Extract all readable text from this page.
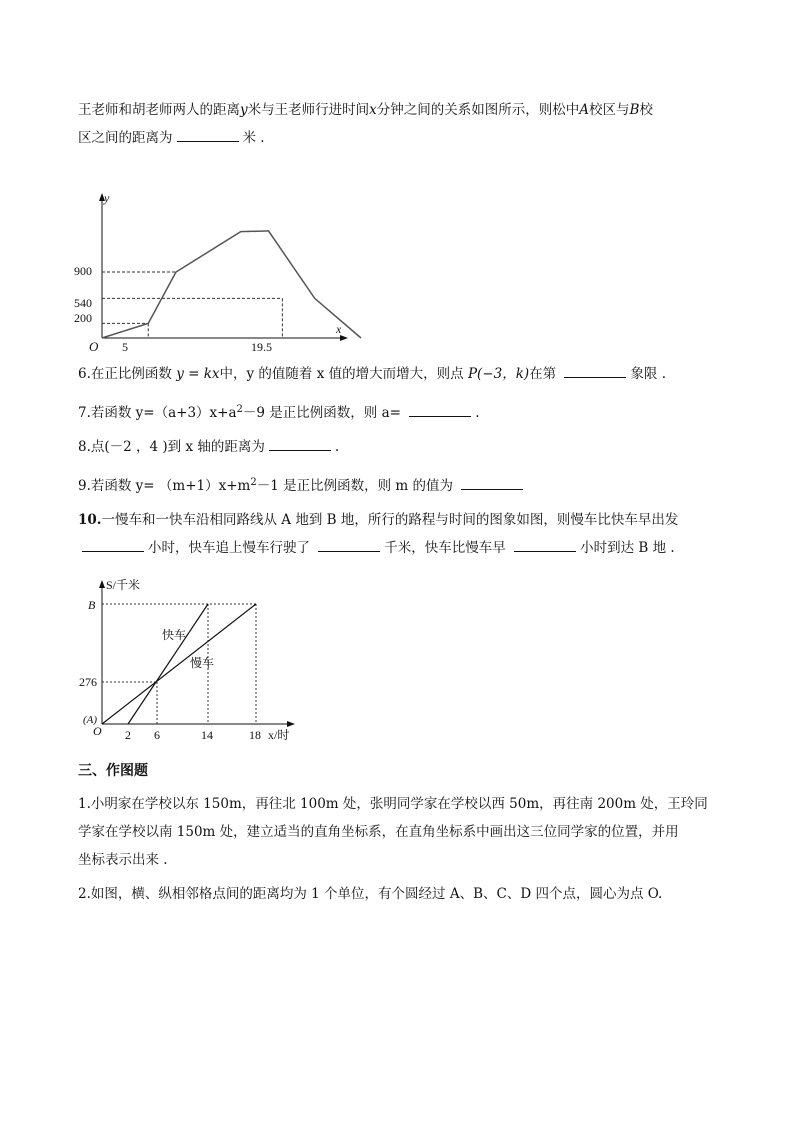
王老师和胡老师两人的距离y米与王老师行进时间x分钟之间的关系如图所示，则松中A校区与B校
区之间的距离为	米 .
y
x
O
900
540
200
5	19.5
6.在正比例函数 y = kx中，y 的值随着 x 值的增大而增大，则点 P(−3，k)在第	象限 .
7.若函数 $y=(a+3)x+a^2-9$ 是正比例函数，则 a=	.
8.点(－2 ，4 )到 x 轴的距离为	.
9.若函数 $y= (m+1)x+m^2-1$ 是正比例函数，则 m 的值为
10.一慢车和一快车沿相同路线从 A 地到 B 地，所行的路程与时间的图象如图，则慢车比快车早出发
小时，快车追上慢车行驶了	千米，快车比慢车早	小时到达 B 地 .
S/千米
x/时
B
276
(A)
O 2 6	14	18
快车
慢车
三、作图题
1.小明家在学校以东 150m，再往北 100m 处，张明同学家在学校以西 50m，再往南 200m 处，王玲同
学家在学校以南 150m 处，建立适当的直角坐标系，在直角坐标系中画出这三位同学家的位置，并用
坐标表示出来 .
2.如图，横、纵相邻格点间的距离均为 1 个单位，有个圆经过 A、B、C、D 四个点，圆心为点 O.
